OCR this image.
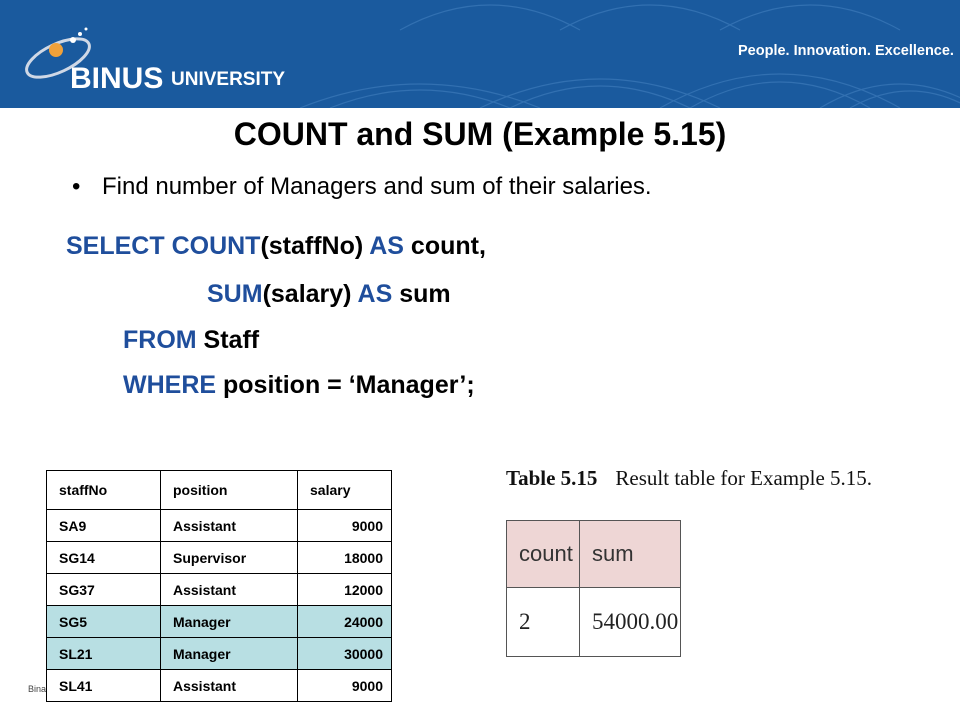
BINUS UNIVERSITY
People. Innovation. Excellence.
COUNT and SUM (Example 5.15)
• Find number of Managers and sum of their salaries.
SELECT COUNT(staffNo) AS count,
SUM(salary) AS sum
FROM Staff
WHERE position = ‘Manager’;
staffNo	position	salary
SA9	Assistant	9000
SG14	Supervisor	18000
SG37	Assistant	12000
SG5	Manager	24000
SL21	Manager	30000
SL41	Assistant	9000
Bina
Table 5.15 Result table for Example 5.15.
count	sum
2	54000.00
